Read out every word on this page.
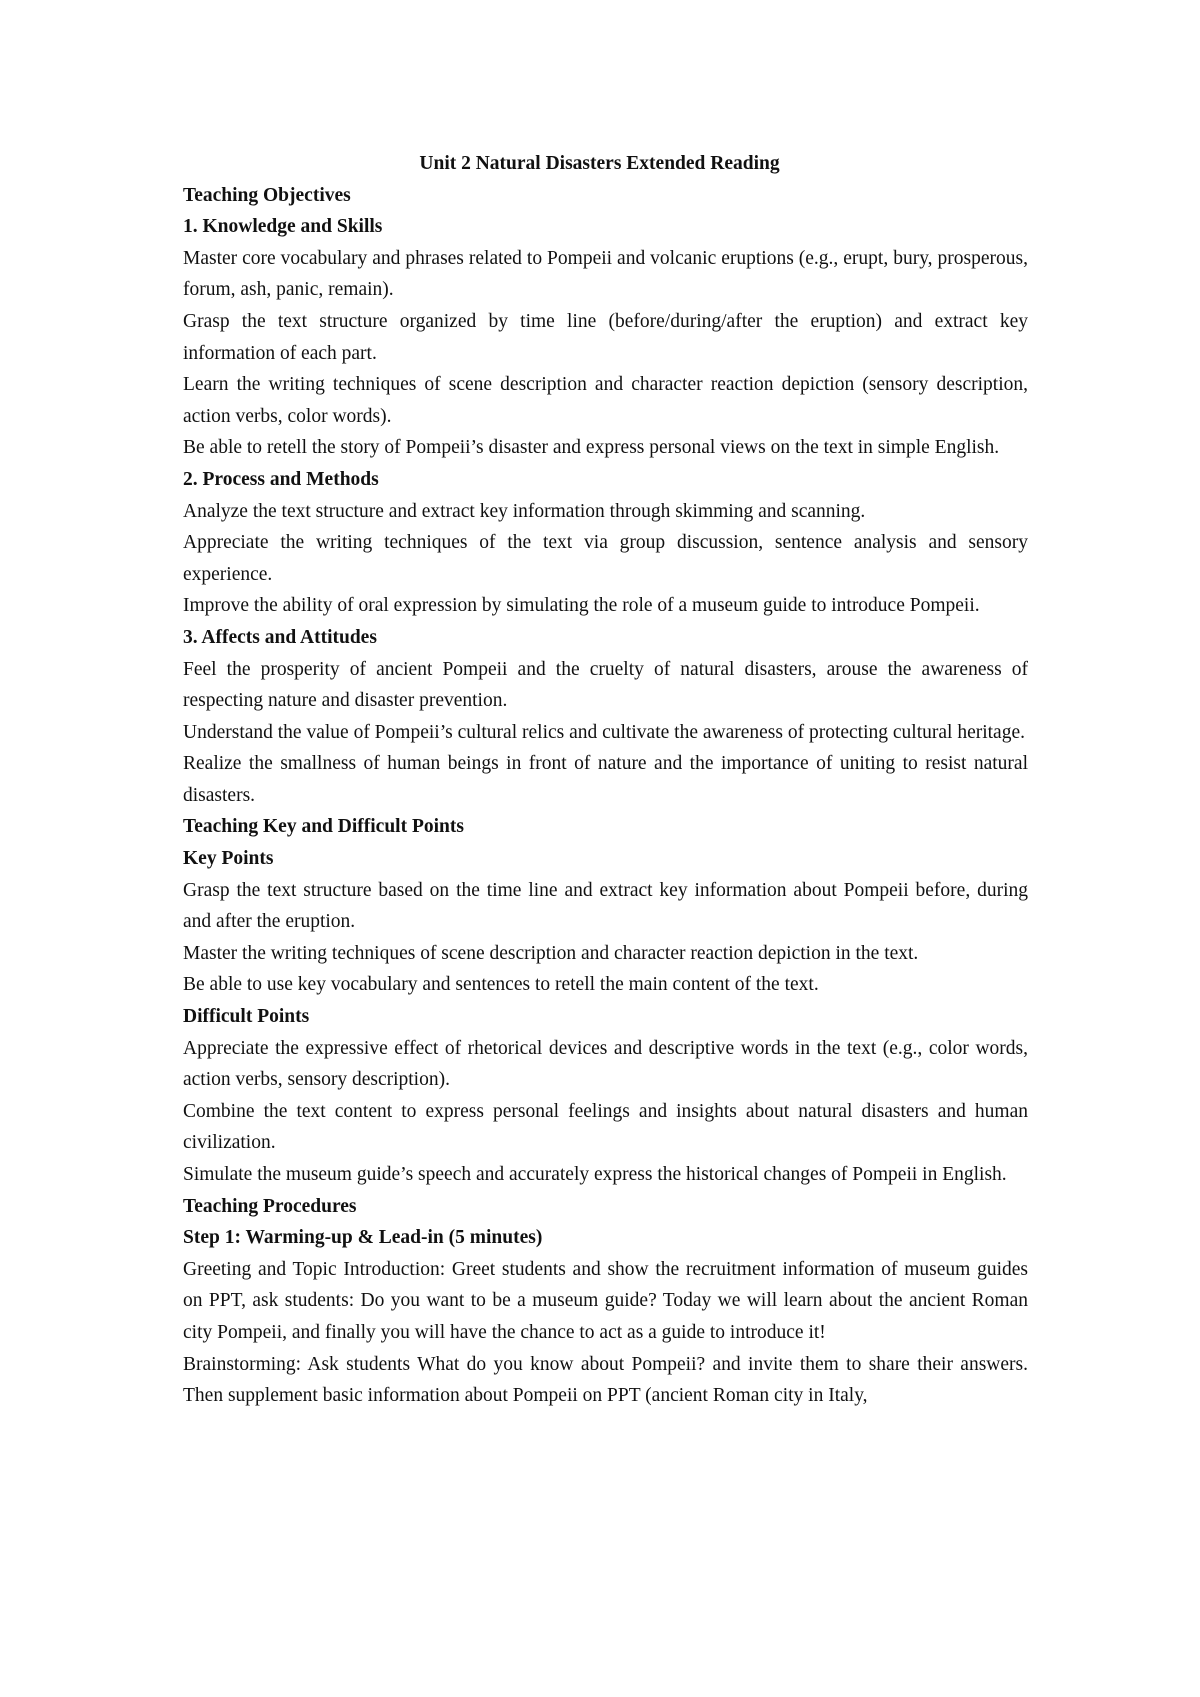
Unit 2 Natural Disasters Extended Reading
Teaching Objectives
1. Knowledge and Skills
Master core vocabulary and phrases related to Pompeii and volcanic eruptions (e.g., erupt, bury, prosperous, forum, ash, panic, remain).
Grasp the text structure organized by time line (before/during/after the eruption) and extract key information of each part.
Learn the writing techniques of scene description and character reaction depiction (sensory description, action verbs, color words).
Be able to retell the story of Pompeii’s disaster and express personal views on the text in simple English.
2. Process and Methods
Analyze the text structure and extract key information through skimming and scanning.
Appreciate the writing techniques of the text via group discussion, sentence analysis and sensory experience.
Improve the ability of oral expression by simulating the role of a museum guide to introduce Pompeii.
3. Affects and Attitudes
Feel the prosperity of ancient Pompeii and the cruelty of natural disasters, arouse the awareness of respecting nature and disaster prevention.
Understand the value of Pompeii’s cultural relics and cultivate the awareness of protecting cultural heritage.
Realize the smallness of human beings in front of nature and the importance of uniting to resist natural disasters.
Teaching Key and Difficult Points
Key Points
Grasp the text structure based on the time line and extract key information about Pompeii before, during and after the eruption.
Master the writing techniques of scene description and character reaction depiction in the text.
Be able to use key vocabulary and sentences to retell the main content of the text.
Difficult Points
Appreciate the expressive effect of rhetorical devices and descriptive words in the text (e.g., color words, action verbs, sensory description).
Combine the text content to express personal feelings and insights about natural disasters and human civilization.
Simulate the museum guide’s speech and accurately express the historical changes of Pompeii in English.
Teaching Procedures
Step 1: Warming-up & Lead-in (5 minutes)
Greeting and Topic Introduction: Greet students and show the recruitment information of museum guides on PPT, ask students: Do you want to be a museum guide? Today we will learn about the ancient Roman city Pompeii, and finally you will have the chance to act as a guide to introduce it!
Brainstorming: Ask students What do you know about Pompeii? and invite them to share their answers. Then supplement basic information about Pompeii on PPT (ancient Roman city in Italy,
